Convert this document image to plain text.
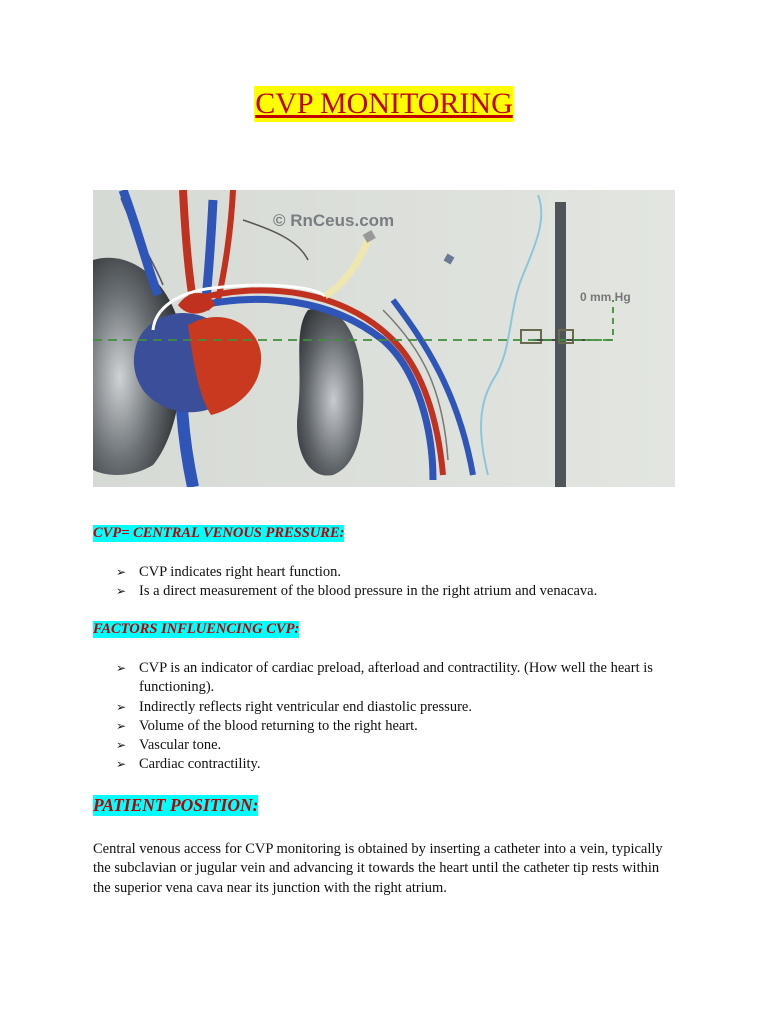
CVP MONITORING
0 mm Hg
© RnCeus.com
CVP= CENTRAL VENOUS PRESSURE:
➢ CVP indicates right heart function.
➢ Is a direct measurement of the blood pressure in the right atrium and venacava.
FACTORS INFLUENCING CVP:
➢ CVP is an indicator of cardiac preload, afterload and contractility. (How well the heart is functioning).
➢ Indirectly reflects right ventricular end diastolic pressure.
➢ Volume of the blood returning to the right heart.
➢ Vascular tone.
➢ Cardiac contractility.
PATIENT POSITION:

Central venous access for CVP monitoring is obtained by inserting a catheter into a vein, typically the subclavian or jugular vein and advancing it towards the heart until the catheter tip rests within the superior vena cava near its junction with the right atrium.
